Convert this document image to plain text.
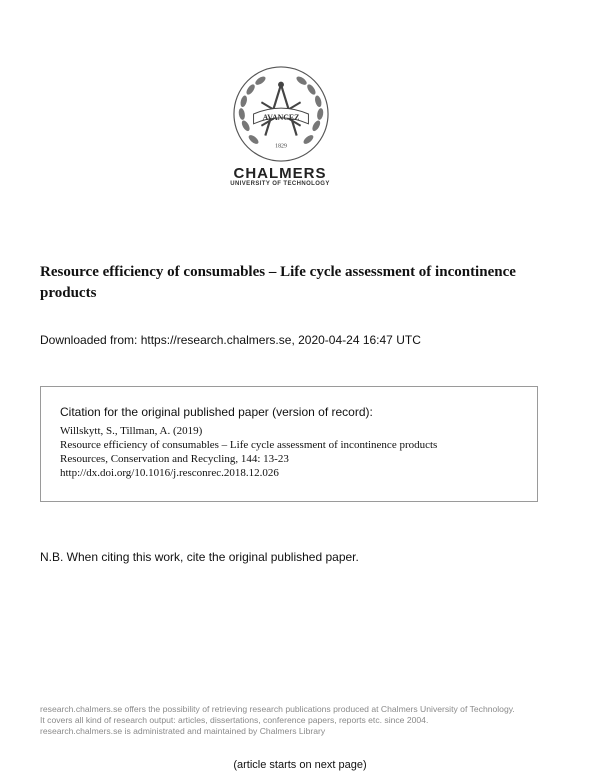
AVANCEZ
1829
CHALMERS
UNIVERSITY OF TECHNOLOGY
Resource efficiency of consumables – Life cycle assessment of incontinence products
Downloaded from: https://research.chalmers.se, 2020-04-24 16:47 UTC
Citation for the original published paper (version of record):
Willskytt, S., Tillman, A. (2019)
Resource efficiency of consumables – Life cycle assessment of incontinence products
Resources, Conservation and Recycling, 144: 13-23
http://dx.doi.org/10.1016/j.resconrec.2018.12.026
N.B. When citing this work, cite the original published paper.
research.chalmers.se offers the possibility of retrieving research publications produced at Chalmers University of Technology.
It covers all kind of research output: articles, dissertations, conference papers, reports etc. since 2004.
research.chalmers.se is administrated and maintained by Chalmers Library
(article starts on next page)
